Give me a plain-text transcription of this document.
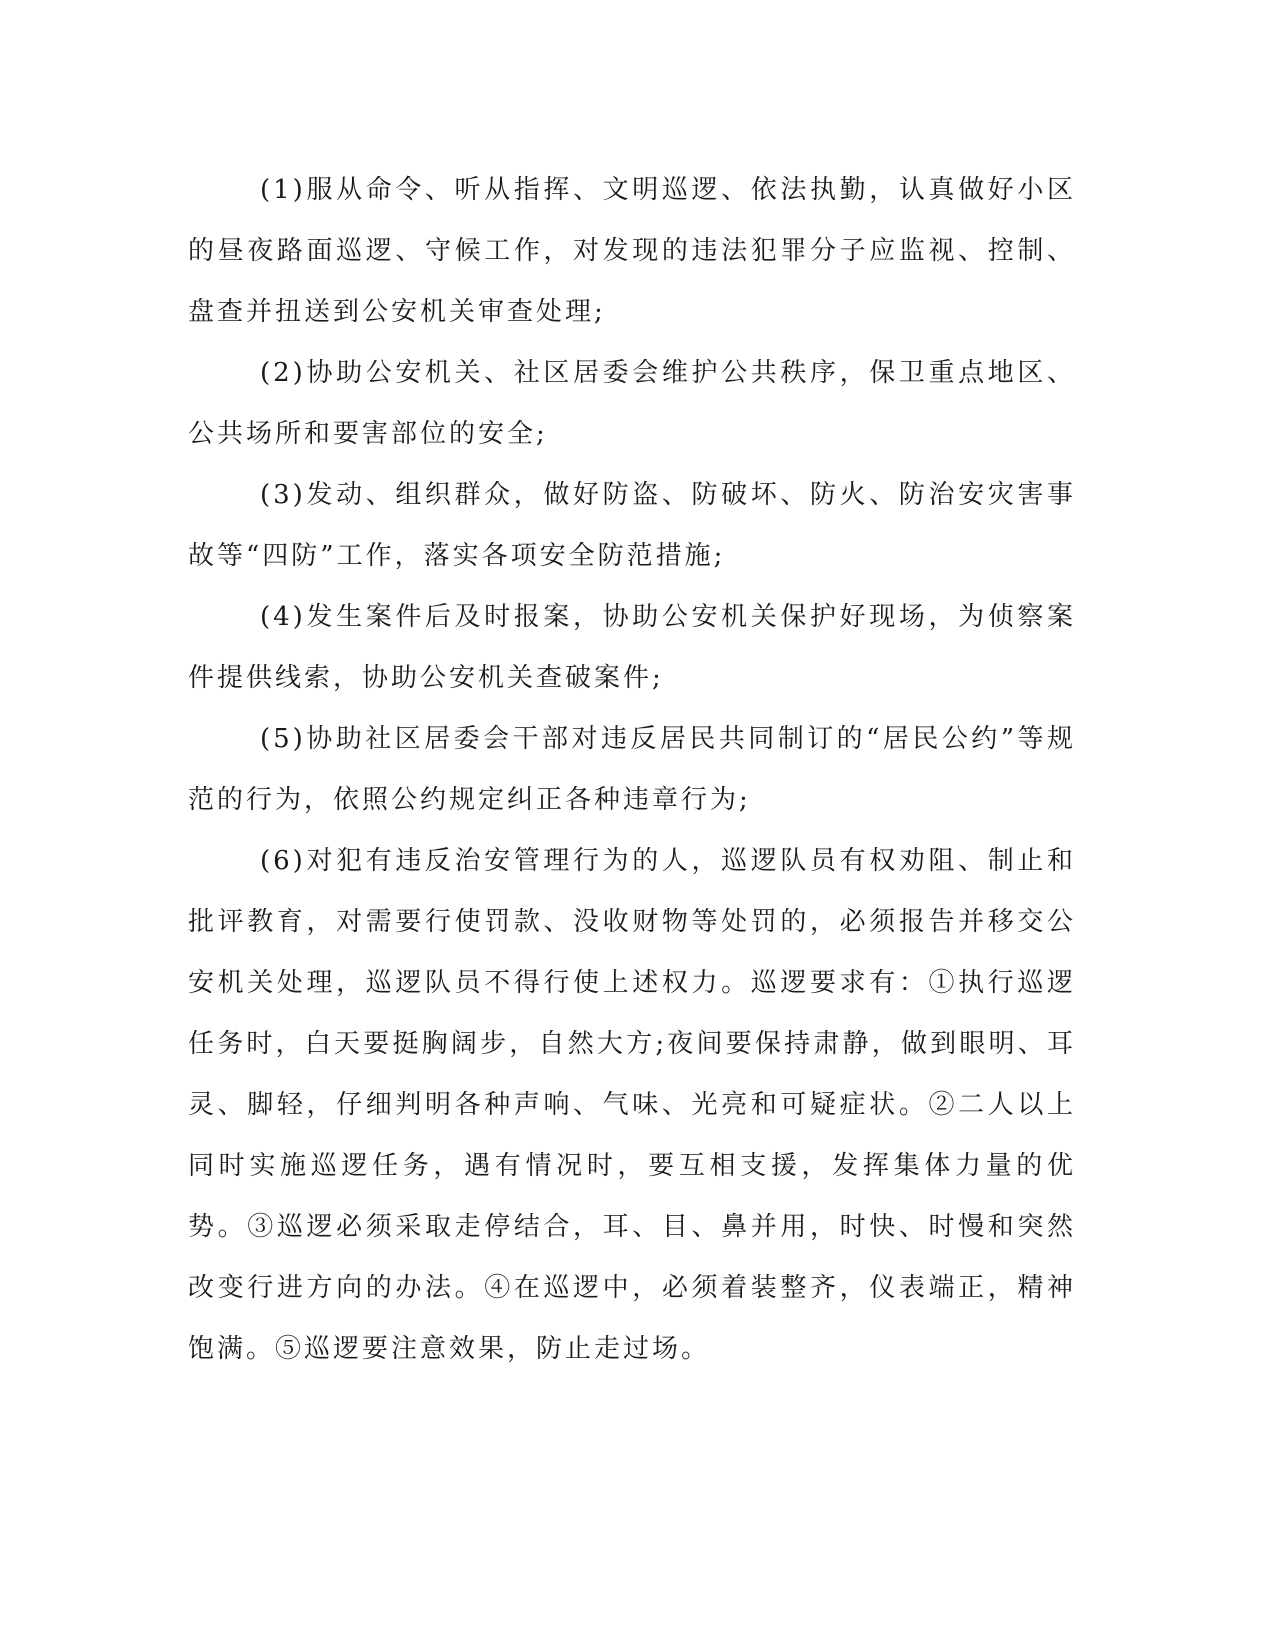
(1)服从命令、听从指挥、文明巡逻、依法执勤，认真做好小区的昼夜路面巡逻、守候工作，对发现的违法犯罪分子应监视、控制、盘查并扭送到公安机关审查处理;

(2)协助公安机关、社区居委会维护公共秩序，保卫重点地区、公共场所和要害部位的安全;

(3)发动、组织群众，做好防盗、防破坏、防火、防治安灾害事故等“四防”工作，落实各项安全防范措施;

(4)发生案件后及时报案，协助公安机关保护好现场，为侦察案件提供线索，协助公安机关查破案件;

(5)协助社区居委会干部对违反居民共同制订的“居民公约”等规范的行为，依照公约规定纠正各种违章行为;

(6)对犯有违反治安管理行为的人，巡逻队员有权劝阻、制止和批评教育，对需要行使罚款、没收财物等处罚的，必须报告并移交公安机关处理，巡逻队员不得行使上述权力。巡逻要求有：①执行巡逻任务时，白天要挺胸阔步，自然大方;夜间要保持肃静，做到眼明、耳灵、脚轻，仔细判明各种声响、气味、光亮和可疑症状。②二人以上同时实施巡逻任务，遇有情况时，要互相支援，发挥集体力量的优势。③巡逻必须采取走停结合，耳、目、鼻并用，时快、时慢和突然改变行进方向的办法。④在巡逻中，必须着装整齐，仪表端正，精神饱满。⑤巡逻要注意效果，防止走过场。
